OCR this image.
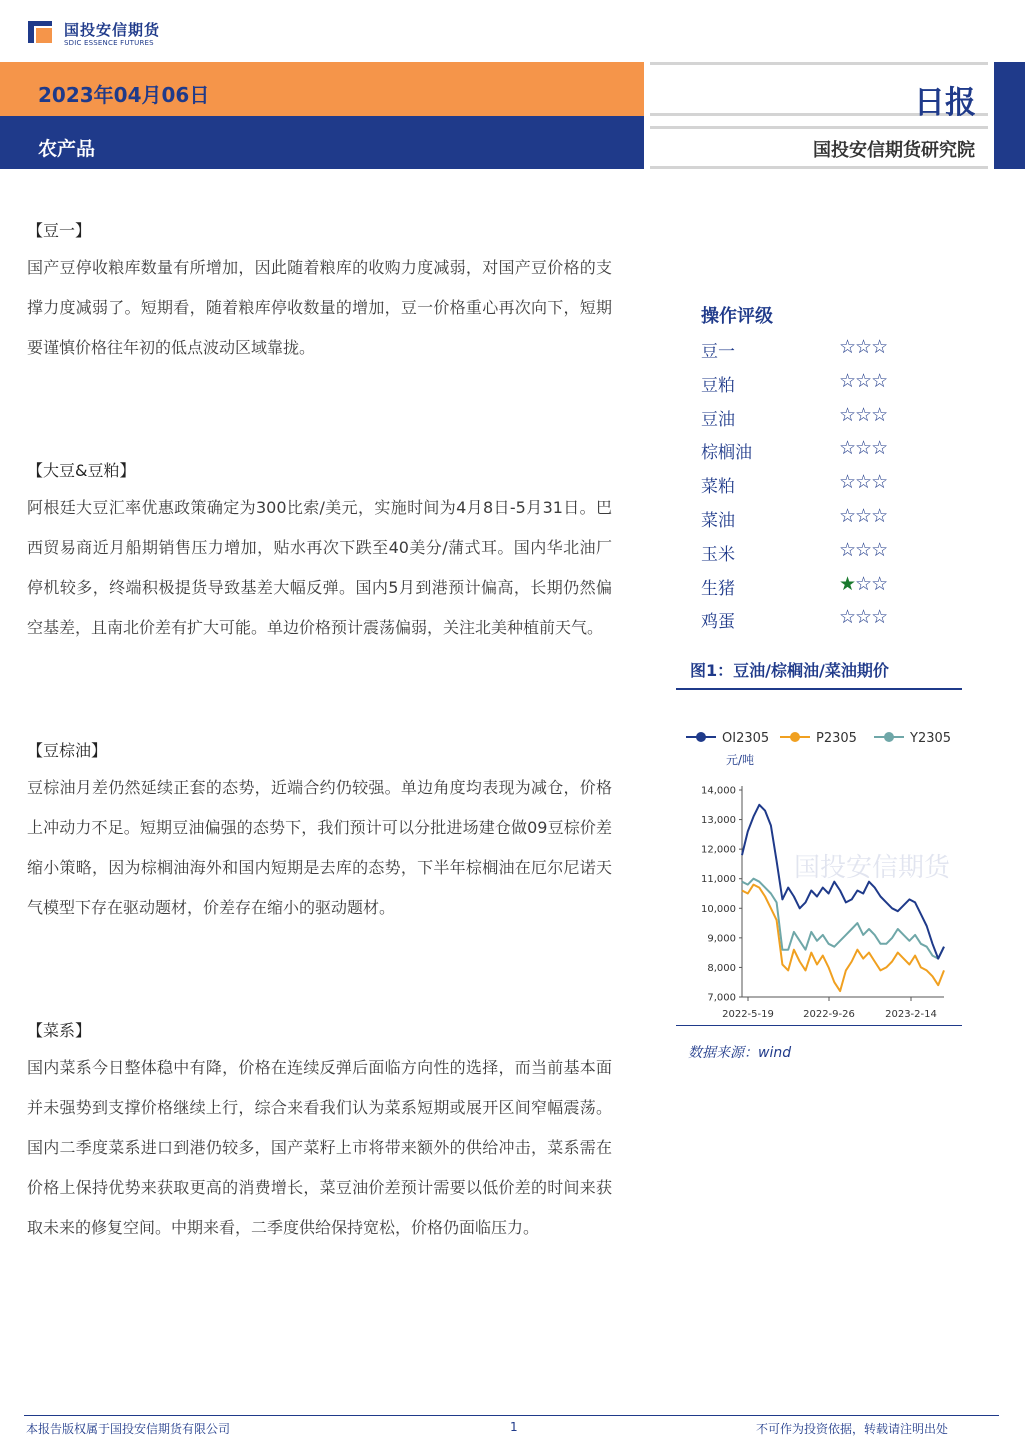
国投安信期货
SDIC ESSENCE FUTURES
2023年04月06日
农产品
日报
国投安信期货研究院
【豆一】
国产豆停收粮库数量有所增加，因此随着粮库的收购力度减弱，对国产豆价格的支撑力度减弱了。短期看，随着粮库停收数量的增加，豆一价格重心再次向下，短期要谨慎价格往年初的低点波动区域靠拢。
【大豆&豆粕】
阿根廷大豆汇率优惠政策确定为300比索/美元，实施时间为4月8日-5月31日。巴西贸易商近月船期销售压力增加，贴水再次下跌至40美分/蒲式耳。国内华北油厂停机较多，终端积极提货导致基差大幅反弹。国内5月到港预计偏高，长期仍然偏空基差，且南北价差有扩大可能。单边价格预计震荡偏弱，关注北美种植前天气。
【豆棕油】
豆棕油月差仍然延续正套的态势，近端合约仍较强。单边角度均表现为减仓，价格上冲动力不足。短期豆油偏强的态势下，我们预计可以分批进场建仓做09豆棕价差缩小策略，因为棕榈油海外和国内短期是去库的态势，下半年棕榈油在厄尔尼诺天气模型下存在驱动题材，价差存在缩小的驱动题材。
【菜系】
国内菜系今日整体稳中有降，价格在连续反弹后面临方向性的选择，而当前基本面并未强势到支撑价格继续上行，综合来看我们认为菜系短期或展开区间窄幅震荡。国内二季度菜系进口到港仍较多，国产菜籽上市将带来额外的供给冲击，菜系需在价格上保持优势来获取更高的消费增长，菜豆油价差预计需要以低价差的时间来获取未来的修复空间。中期来看，二季度供给保持宽松，价格仍面临压力。
操作评级
豆一	☆☆☆
豆粕	☆☆☆
豆油	☆☆☆
棕榈油	☆☆☆
菜粕	☆☆☆
菜油	☆☆☆
玉米	☆☆☆
生猪	★☆☆
鸡蛋	☆☆☆
图1：豆油/棕榈油/菜油期价
国投安信期货
OI2305	P2305	Y2305
元/吨
14,000
13,000
12,000
11,000
10,000
9,000
8,000
7,000
2022-5-19	2022-9-26	2023-2-14
数据来源：wind
本报告版权属于国投安信期货有限公司	1	不可作为投资依据，转载请注明出处
